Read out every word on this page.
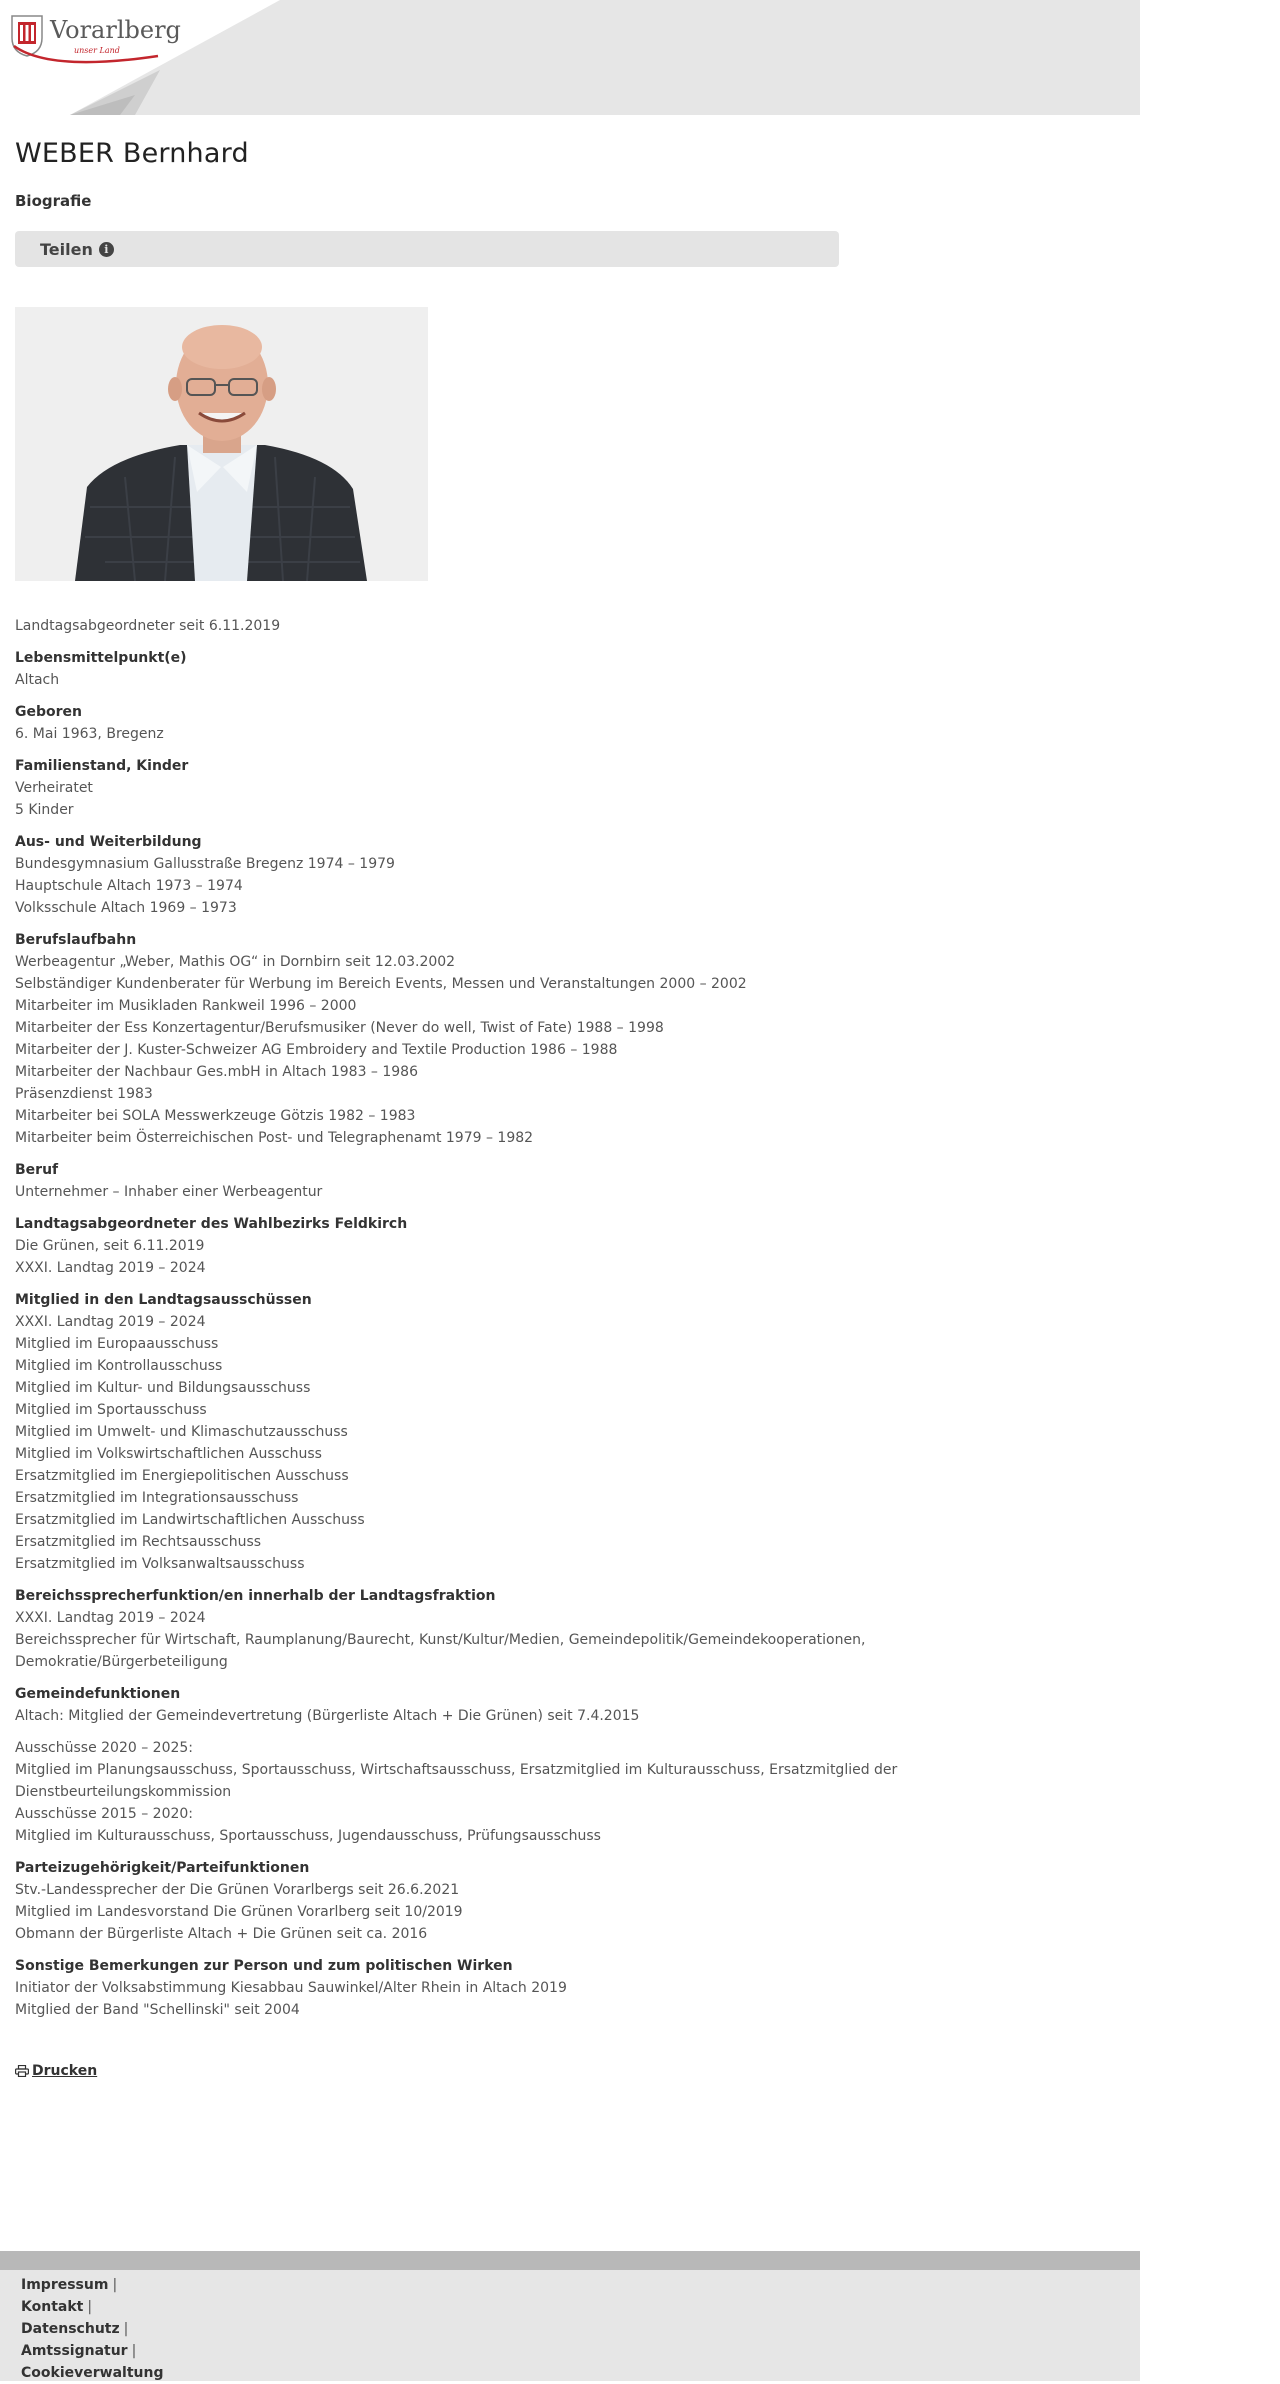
Vorarlberg
unser Land
WEBER Bernhard
Biografie
Teilen	i
Landtagsabgeordneter seit 6.11.2019
Lebensmittelpunkt(e)
Altach
Geboren
6. Mai 1963, Bregenz
Familienstand, Kinder
Verheiratet
5 Kinder
Aus- und Weiterbildung
Bundesgymnasium Gallusstraße Bregenz 1974 – 1979
Hauptschule Altach 1973 – 1974
Volksschule Altach 1969 – 1973
Berufslaufbahn
Werbeagentur „Weber, Mathis OG“ in Dornbirn seit 12.03.2002
Selbständiger Kundenberater für Werbung im Bereich Events, Messen und Veranstaltungen 2000 – 2002
Mitarbeiter im Musikladen Rankweil 1996 – 2000
Mitarbeiter der Ess Konzertagentur/Berufsmusiker (Never do well, Twist of Fate) 1988 – 1998
Mitarbeiter der J. Kuster-Schweizer AG Embroidery and Textile Production 1986 – 1988
Mitarbeiter der Nachbaur Ges.mbH in Altach 1983 – 1986
Präsenzdienst 1983
Mitarbeiter bei SOLA Messwerkzeuge Götzis 1982 – 1983
Mitarbeiter beim Österreichischen Post- und Telegraphenamt 1979 – 1982
Beruf
Unternehmer – Inhaber einer Werbeagentur
Landtagsabgeordneter des Wahlbezirks Feldkirch
Die Grünen, seit 6.11.2019
XXXI. Landtag 2019 – 2024
Mitglied in den Landtagsausschüssen
XXXI. Landtag 2019 – 2024
Mitglied im Europaausschuss
Mitglied im Kontrollausschuss
Mitglied im Kultur- und Bildungsausschuss
Mitglied im Sportausschuss
Mitglied im Umwelt- und Klimaschutzausschuss
Mitglied im Volkswirtschaftlichen Ausschuss
Ersatzmitglied im Energiepolitischen Ausschuss
Ersatzmitglied im Integrationsausschuss
Ersatzmitglied im Landwirtschaftlichen Ausschuss
Ersatzmitglied im Rechtsausschuss
Ersatzmitglied im Volksanwaltsausschuss
Bereichssprecherfunktion/en innerhalb der Landtagsfraktion
XXXI. Landtag 2019 – 2024
Bereichssprecher für Wirtschaft, Raumplanung/Baurecht, Kunst/Kultur/Medien, Gemeindepolitik/Gemeindekooperationen,
Demokratie/Bürgerbeteiligung
Gemeindefunktionen
Altach: Mitglied der Gemeindevertretung (Bürgerliste Altach + Die Grünen) seit 7.4.2015
Ausschüsse 2020 – 2025:
Mitglied im Planungsausschuss, Sportausschuss, Wirtschaftsausschuss, Ersatzmitglied im Kulturausschuss, Ersatzmitglied der
Dienstbeurteilungskommission
Ausschüsse 2015 – 2020:
Mitglied im Kulturausschuss, Sportausschuss, Jugendausschuss, Prüfungsausschuss
Parteizugehörigkeit/Parteifunktionen
Stv.-Landessprecher der Die Grünen Vorarlbergs seit 26.6.2021
Mitglied im Landesvorstand Die Grünen Vorarlberg seit 10/2019
Obmann der Bürgerliste Altach + Die Grünen seit ca. 2016
Sonstige Bemerkungen zur Person und zum politischen Wirken
Initiator der Volksabstimmung Kiesabbau Sauwinkel/Alter Rhein in Altach 2019
Mitglied der Band "Schellinski" seit 2004
Drucken
Impressum |
Kontakt |
Datenschutz |
Amtssignatur |
Cookieverwaltung
